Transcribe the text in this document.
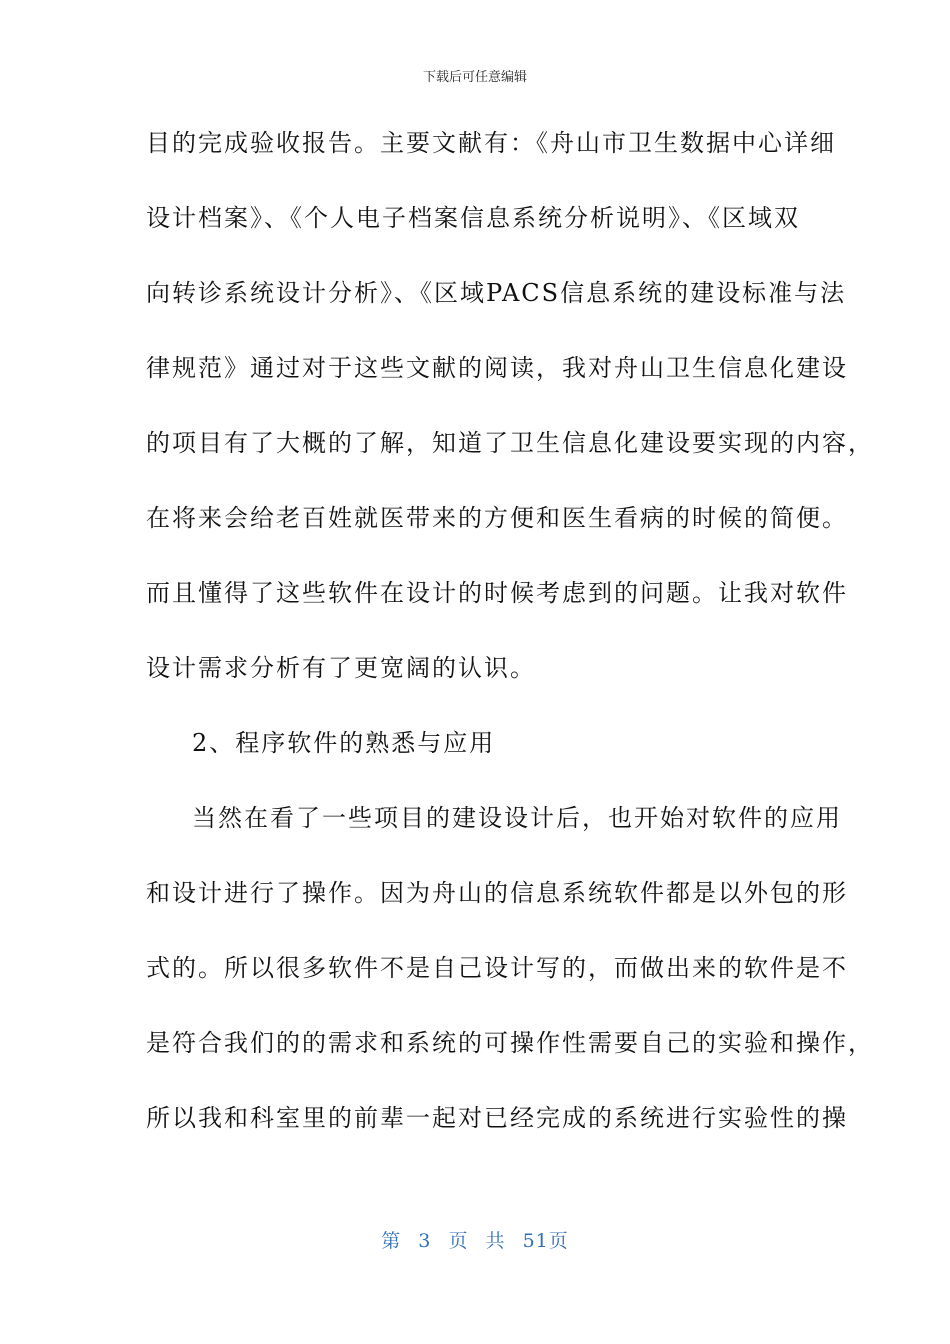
下载后可任意编辑
目的完成验收报告。主要文献有：《舟山市卫生数据中心详细
设计档案》、《个人电子档案信息系统分析说明》、《区域双
向转诊系统设计分析》、《区域PACS信息系统的建设标准与法
律规范》通过对于这些文献的阅读，我对舟山卫生信息化建设
的项目有了大概的了解，知道了卫生信息化建设要实现的内容，
在将来会给老百姓就医带来的方便和医生看病的时候的简便。
而且懂得了这些软件在设计的时候考虑到的问题。让我对软件
设计需求分析有了更宽阔的认识。
2、程序软件的熟悉与应用
当然在看了一些项目的建设设计后，也开始对软件的应用
和设计进行了操作。因为舟山的信息系统软件都是以外包的形
式的。所以很多软件不是自己设计写的，而做出来的软件是不
是符合我们的的需求和系统的可操作性需要自己的实验和操作，
所以我和科室里的前辈一起对已经完成的系统进行实验性的操
第 3 页 共 51页
